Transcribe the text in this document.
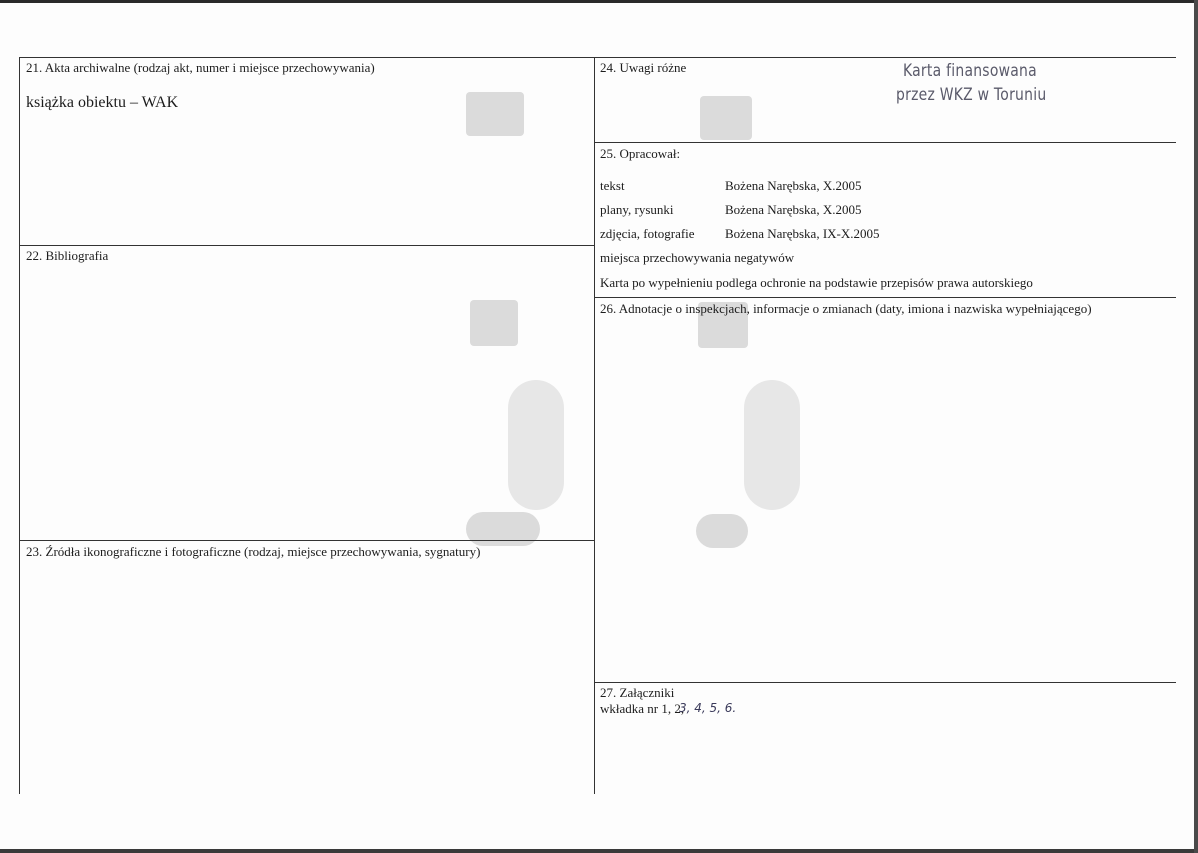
21. Akta archiwalne (rodzaj akt, numer i miejsce przechowywania)
książka obiektu – WAK
22. Bibliografia
23. Źródła ikonograficzne i fotograficzne (rodzaj, miejsce przechowywania, sygnatury)
24. Uwagi różne	Karta finansowana
przez WKZ w Toruniu
25. Opracował:
tekst	Bożena Narębska, X.2005
plany, rysunki	Bożena Narębska, X.2005
zdjęcia, fotografie Bożena Narębska, IX-X.2005
miejsca przechowywania negatywów
Karta po wypełnieniu podlega ochronie na podstawie przepisów prawa autorskiego
26. Adnotacje o inspekcjach, informacje o zmianach (daty, imiona i nazwiska wypełniającego)
27. Załączniki
wkładka nr 1, 2,
3, 4, 5, 6.
